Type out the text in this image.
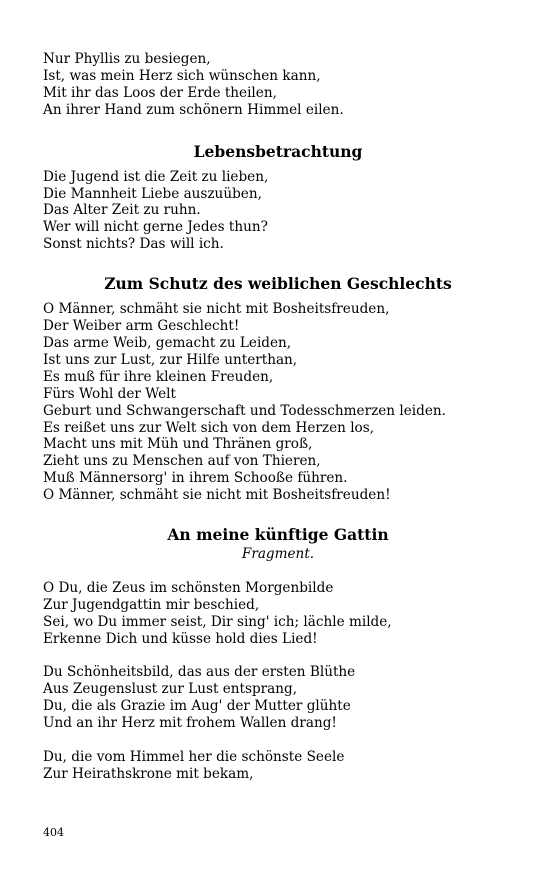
Nur Phyllis zu besiegen,
Ist, was mein Herz sich wünschen kann,
Mit ihr das Loos der Erde theilen,
An ihrer Hand zum schönern Himmel eilen.
Lebensbetrachtung
Die Jugend ist die Zeit zu lieben,
Die Mannheit Liebe auszuüben,
Das Alter Zeit zu ruhn.
Wer will nicht gerne Jedes thun?
Sonst nichts? Das will ich.
Zum Schutz des weiblichen Geschlechts
O Männer, schmäht sie nicht mit Bosheitsfreuden,
Der Weiber arm Geschlecht!
Das arme Weib, gemacht zu Leiden,
Ist uns zur Lust, zur Hilfe unterthan,
Es muß für ihre kleinen Freuden,
Fürs Wohl der Welt
Geburt und Schwangerschaft und Todesschmerzen leiden.
Es reißet uns zur Welt sich von dem Herzen los,
Macht uns mit Müh und Thränen groß,
Zieht uns zu Menschen auf von Thieren,
Muß Männersorg' in ihrem Schooße führen.
O Männer, schmäht sie nicht mit Bosheitsfreuden!
An meine künftige Gattin
Fragment.
O Du, die Zeus im schönsten Morgenbilde
Zur Jugendgattin mir beschied,
Sei, wo Du immer seist, Dir sing' ich; lächle milde,
Erkenne Dich und küsse hold dies Lied!
Du Schönheitsbild, das aus der ersten Blüthe
Aus Zeugenslust zur Lust entsprang,
Du, die als Grazie im Aug' der Mutter glühte
Und an ihr Herz mit frohem Wallen drang!
Du, die vom Himmel her die schönste Seele
Zur Heirathskrone mit bekam,
404
